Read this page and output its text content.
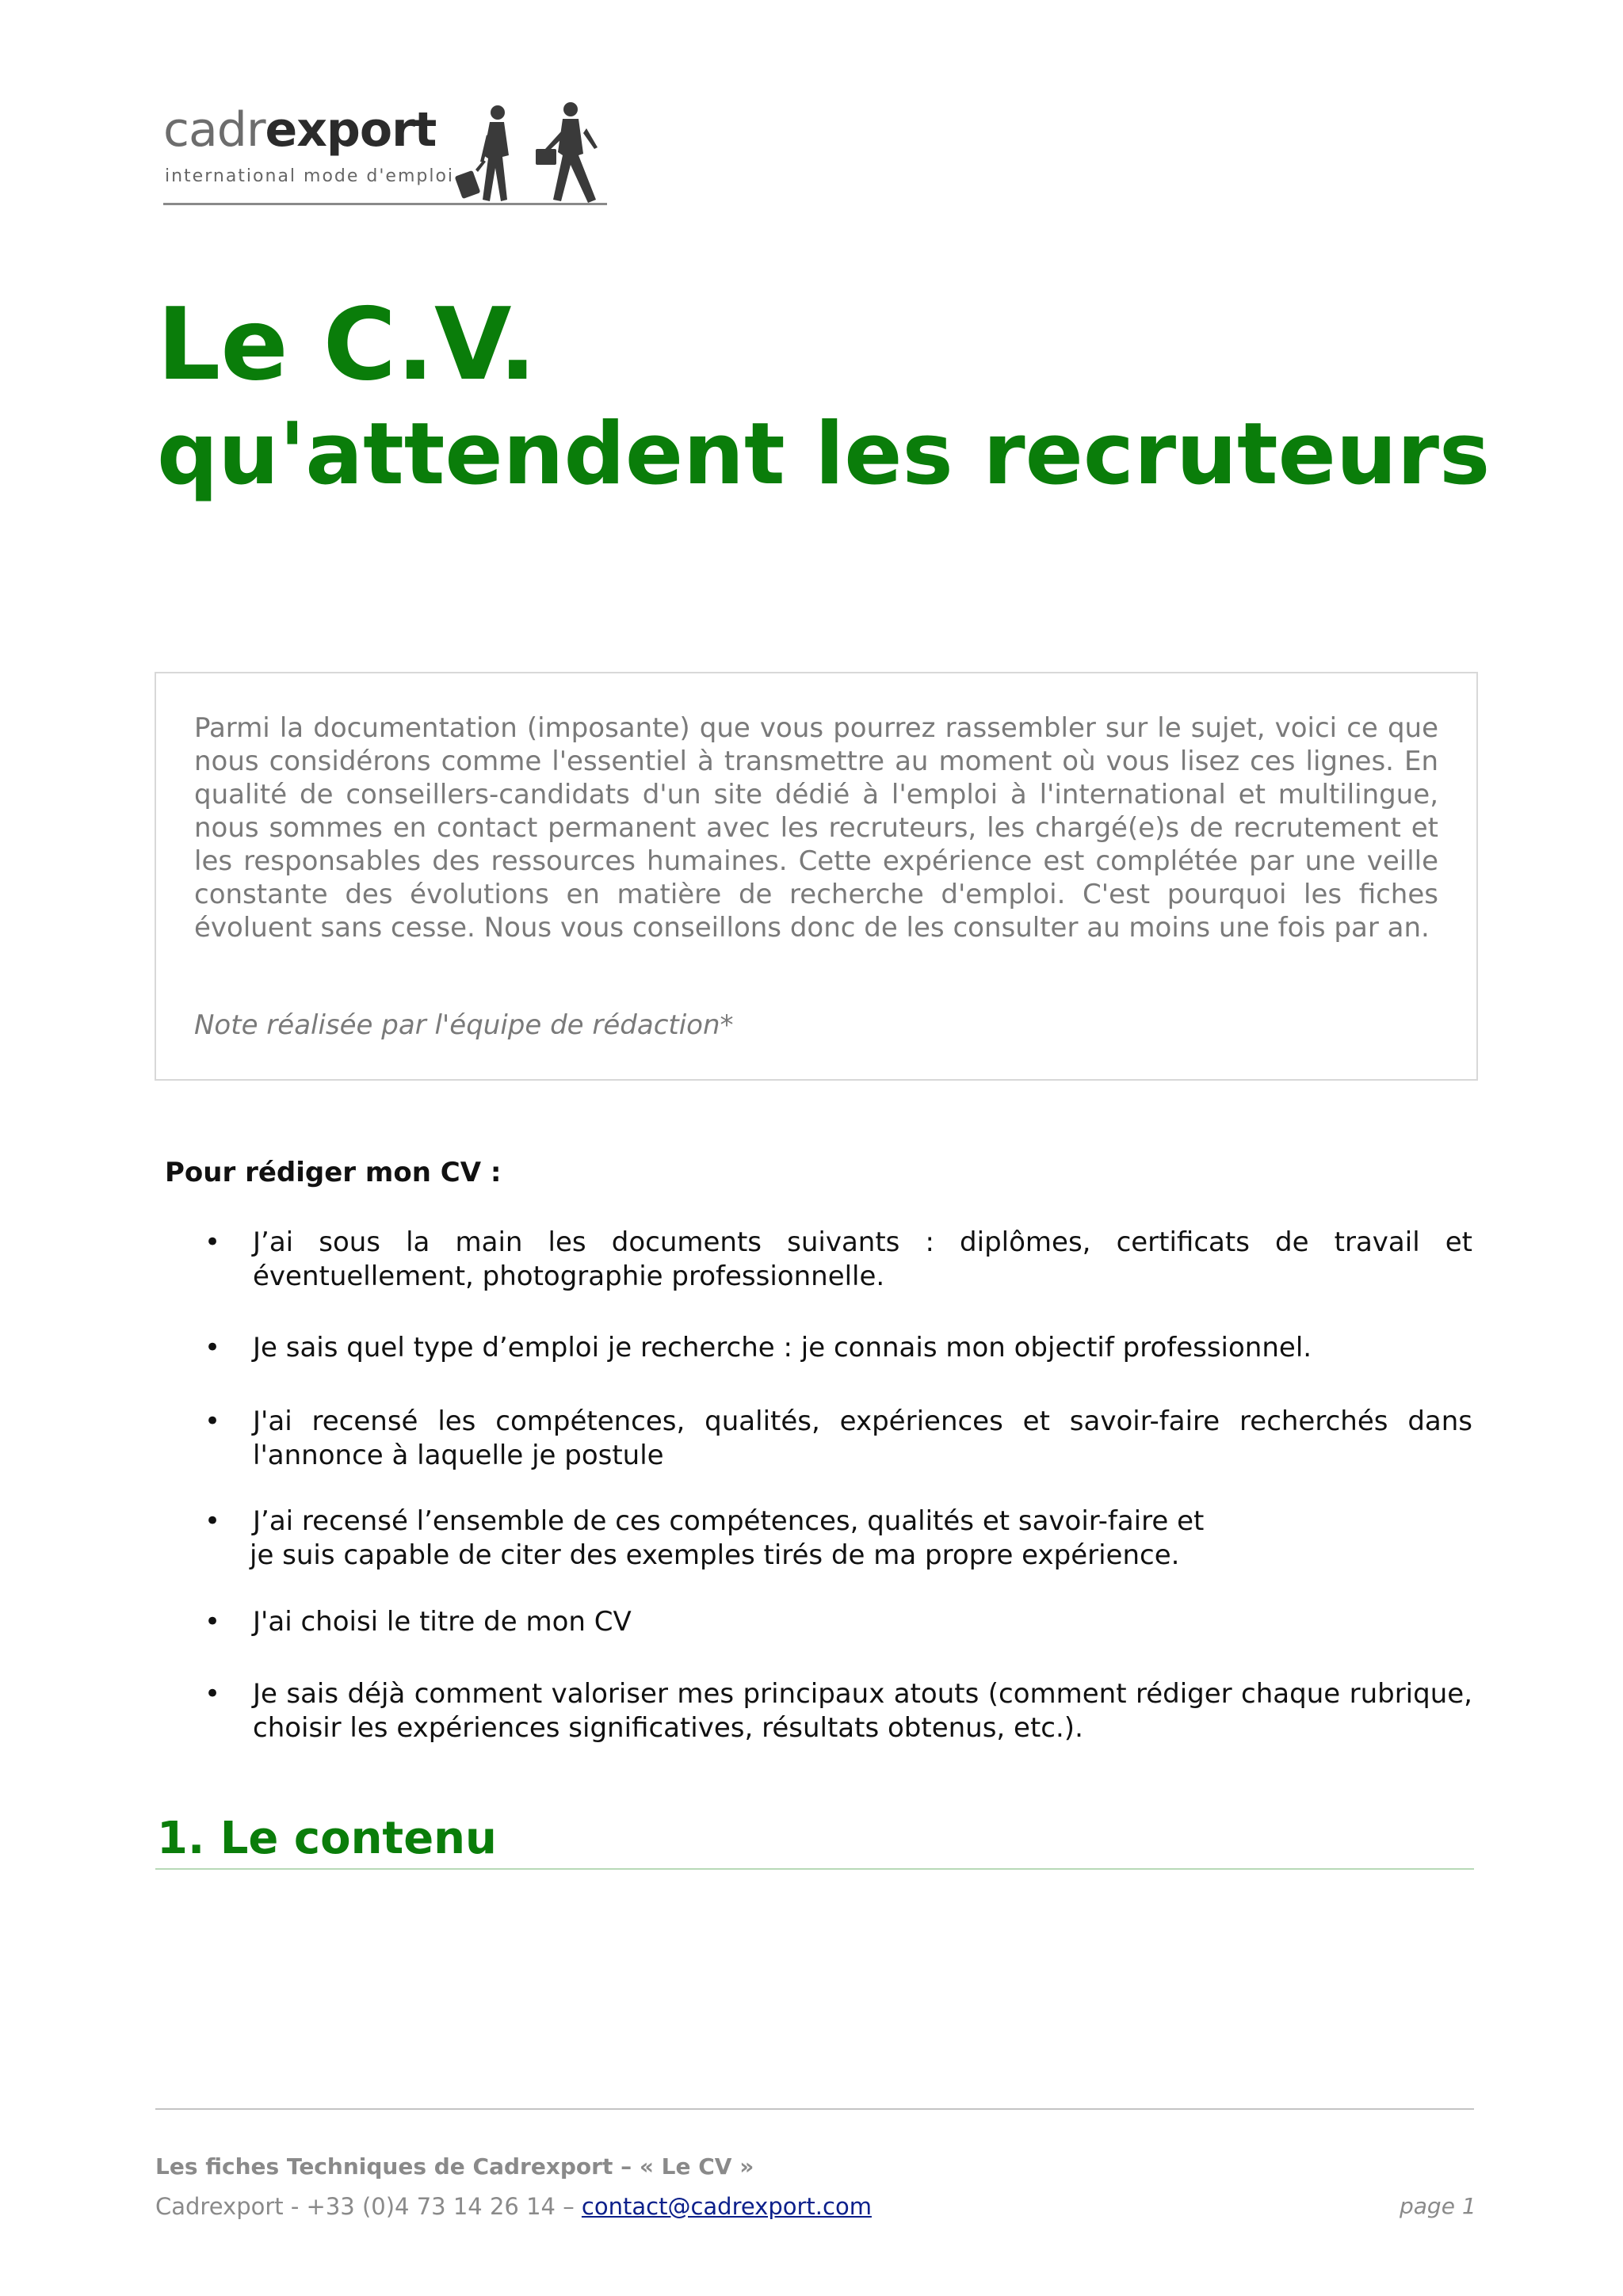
cadrexport
international mode d'emploi
Le C.V.
qu'attendent les recruteurs
Parmi la documentation (imposante) que vous pourrez rassembler sur le sujet, voici ce que nous considérons comme l'essentiel à transmettre au moment où vous lisez ces lignes. En qualité de conseillers-candidats d'un site dédié à l'emploi à l'international et multilingue, nous sommes en contact permanent avec les recruteurs, les chargé(e)s de recrutement et les responsables des ressources humaines. Cette expérience est complétée par une veille constante des évolutions en matière de recherche d'emploi. C'est pourquoi les fiches évoluent sans cesse. Nous vous conseillons donc de les consulter au moins une fois par an.
Note réalisée par l'équipe de rédaction*
Pour rédiger mon CV :
• J’ai sous la main les documents suivants : diplômes, certificats de travail et éventuellement, photographie professionnelle.
• Je sais quel type d’emploi je recherche : je connais mon objectif professionnel.
• J'ai recensé les compétences, qualités, expériences et savoir-faire recherchés dans l'annonce à laquelle je postule
• J’ai recensé l’ensemble de ces compétences, qualités et savoir-faire et
je suis capable de citer des exemples tirés de ma propre expérience.
• J'ai choisi le titre de mon CV
• Je sais déjà comment valoriser mes principaux atouts (comment rédiger chaque rubrique, choisir les expériences significatives, résultats obtenus, etc.).
1. Le contenu
Les fiches Techniques de Cadrexport – « Le CV »
Cadrexport - +33 (0)4 73 14 26 14 – contact@cadrexport.com	page 1
